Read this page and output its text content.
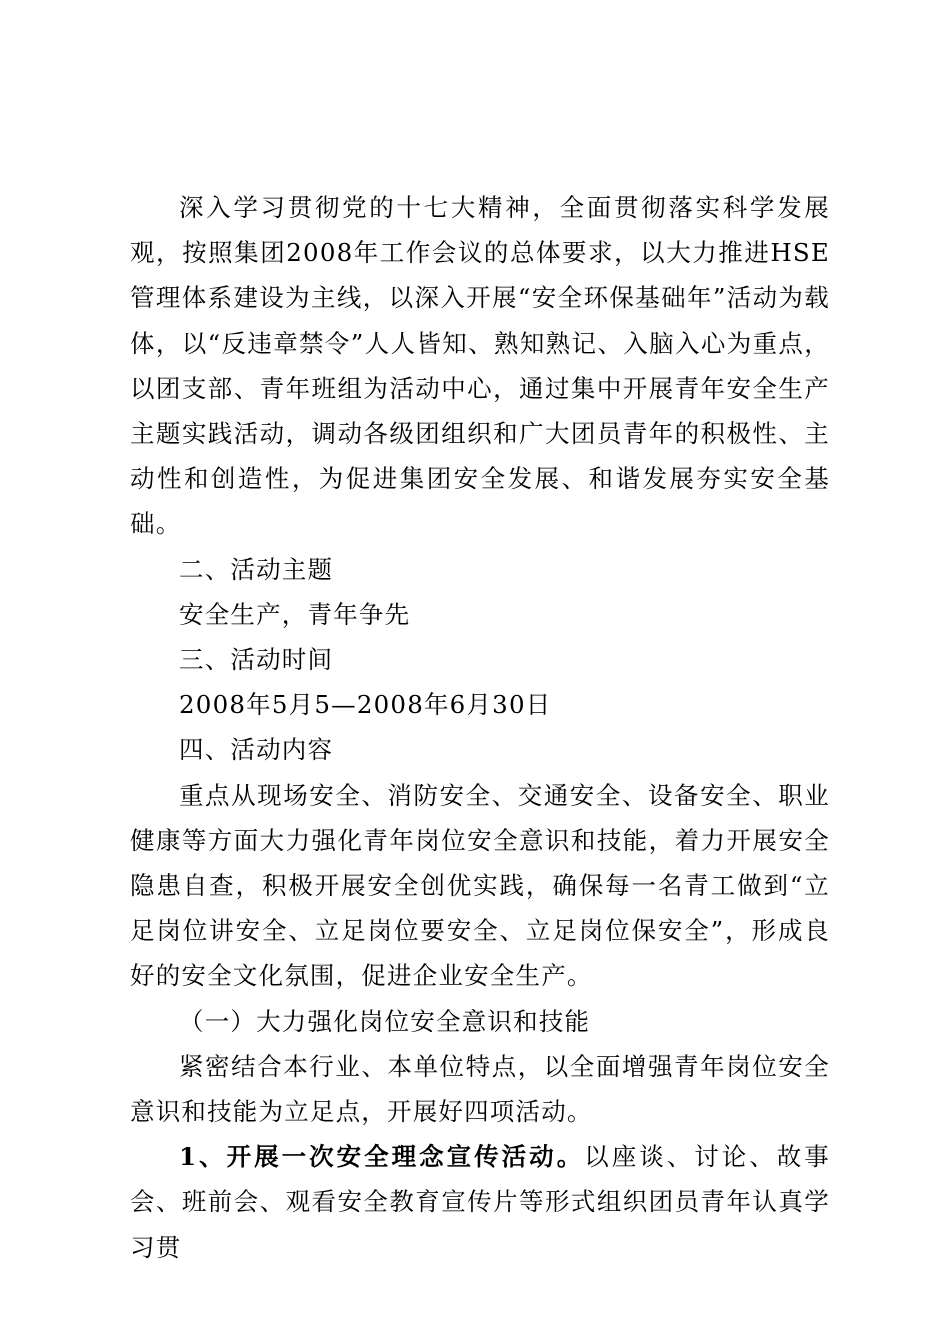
深入学习贯彻党的十七大精神，全面贯彻落实科学发展观，按照集团2008年工作会议的总体要求，以大力推进HSE管理体系建设为主线，以深入开展“安全环保基础年”活动为载体，以“反违章禁令”人人皆知、熟知熟记、入脑入心为重点，以团支部、青年班组为活动中心，通过集中开展青年安全生产主题实践活动，调动各级团组织和广大团员青年的积极性、主动性和创造性，为促进集团安全发展、和谐发展夯实安全基础。

二、活动主题

安全生产，青年争先

三、活动时间

2008年5月5—2008年6月30日

四、活动内容

重点从现场安全、消防安全、交通安全、设备安全、职业健康等方面大力强化青年岗位安全意识和技能，着力开展安全隐患自查，积极开展安全创优实践，确保每一名青工做到“立足岗位讲安全、立足岗位要安全、立足岗位保安全”，形成良好的安全文化氛围，促进企业安全生产。

（一）大力强化岗位安全意识和技能

紧密结合本行业、本单位特点，以全面增强青年岗位安全意识和技能为立足点，开展好四项活动。

1、开展一次安全理念宣传活动。以座谈、讨论、故事会、班前会、观看安全教育宣传片等形式组织团员青年认真学习贯
